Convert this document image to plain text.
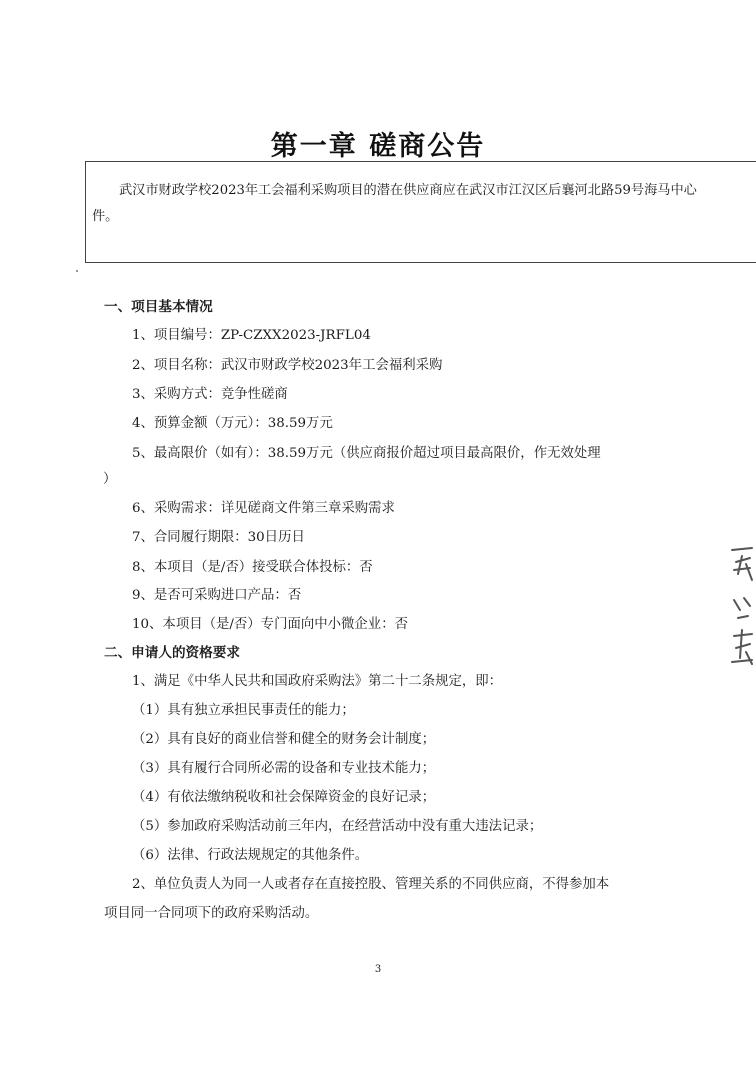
第一章 磋商公告
武汉市财政学校2023年工会福利采购项目的潜在供应商应在武汉市江汉区后襄河北路59号海马中心
件。
一、项目基本情况
1、项目编号：ZP-CZXX2023-JRFL04
2、项目名称：武汉市财政学校2023年工会福利采购
3、采购方式：竞争性磋商
4、预算金额（万元）：38.59万元
5、最高限价（如有）：38.59万元（供应商报价超过项目最高限价，作无效处理
）
6、采购需求：详见磋商文件第三章采购需求
7、合同履行期限：30日历日
8、本项目（是/否）接受联合体投标：否
9、是否可采购进口产品：否
10、本项目（是/否）专门面向中小微企业：否
二、申请人的资格要求
1、满足《中华人民共和国政府采购法》第二十二条规定，即：
（1）具有独立承担民事责任的能力；
（2）具有良好的商业信誉和健全的财务会计制度；
（3）具有履行合同所必需的设备和专业技术能力；
（4）有依法缴纳税收和社会保障资金的良好记录；
（5）参加政府采购活动前三年内，在经营活动中没有重大违法记录；
（6）法律、行政法规规定的其他条件。
2、单位负责人为同一人或者存在直接控股、管理关系的不同供应商，不得参加本
项目同一合同项下的政府采购活动。
3
